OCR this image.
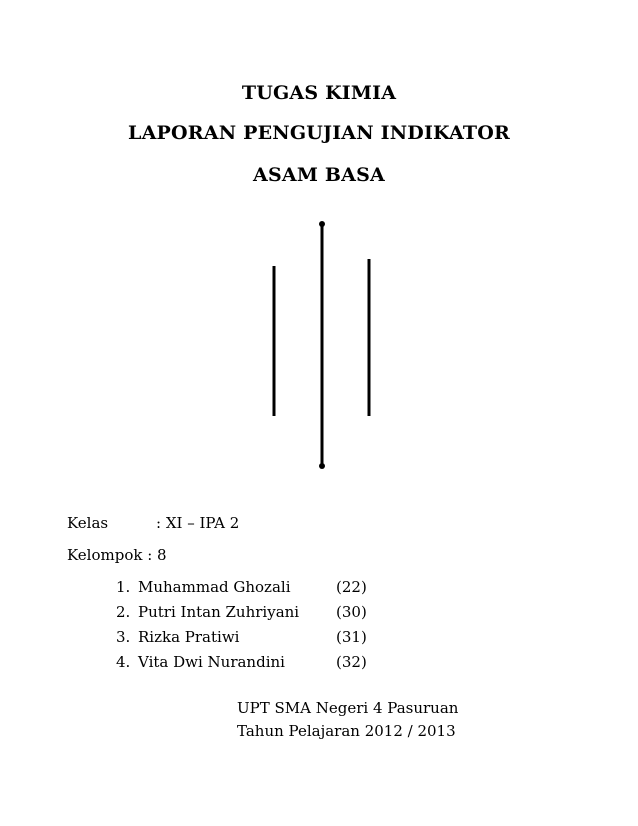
TUGAS KIMIA
LAPORAN PENGUJIAN INDIKATOR
ASAM BASA
Kelas	: XI – IPA 2
Kelompok : 8
1. Muhammad Ghozali	(22)
2. Putri Intan Zuhriyani (30)
3. Rizka Pratiwi	(31)
4. Vita Dwi Nurandini	(32)
UPT SMA Negeri 4 Pasuruan
Tahun Pelajaran 2012 / 2013
